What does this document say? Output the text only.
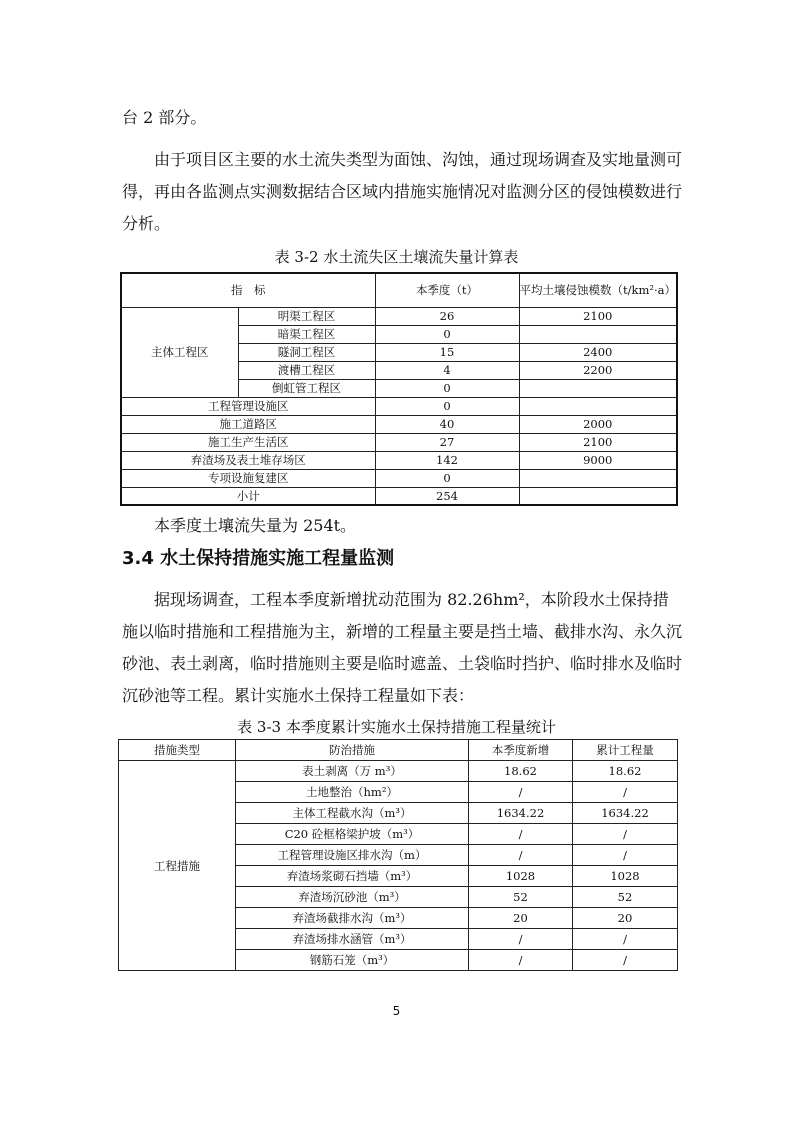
台 2 部分。

由于项目区主要的水土流失类型为面蚀、沟蚀，通过现场调查及实地量测可得，再由各监测点实测数据结合区域内措施实施情况对监测分区的侵蚀模数进行分析。

表 3-2 水土流失区土壤流失量计算表

指　标		本季度（t）	平均土壤侵蚀模数（t/km²·a）
主体工程区	明渠工程区	26	2100
	暗渠工程区	0	
	隧洞工程区	15	2400
	渡槽工程区	4	2200
	倒虹管工程区	0	
工程管理设施区		0	
施工道路区		40	2000
施工生产生活区		27	2100
弃渣场及表土堆存场区		142	9000
专项设施复建区		0	
小计		254	

本季度土壤流失量为 254t。

3.4 水土保持措施实施工程量监测

据现场调查，工程本季度新增扰动范围为 82.26hm²，本阶段水土保持措施以临时措施和工程措施为主，新增的工程量主要是挡土墙、截排水沟、永久沉砂池、表土剥离，临时措施则主要是临时遮盖、土袋临时挡护、临时排水及临时沉砂池等工程。累计实施水土保持工程量如下表：

表 3-3 本季度累计实施水土保持措施工程量统计

措施类型	防治措施	本季度新增	累计工程量
工程措施	表土剥离（万 m³）	18.62	18.62
	土地整治（hm²）	/	/
	主体工程截水沟（m³）	1634.22	1634.22
	C20 砼框格梁护坡（m³）	/	/
	工程管理设施区排水沟（m）	/	/
	弃渣场浆砌石挡墙（m³）	1028	1028
	弃渣场沉砂池（m³）	52	52
	弃渣场截排水沟（m³）	20	20
	弃渣场排水涵管（m³）	/	/
	钢筋石笼（m³）	/	/
5
